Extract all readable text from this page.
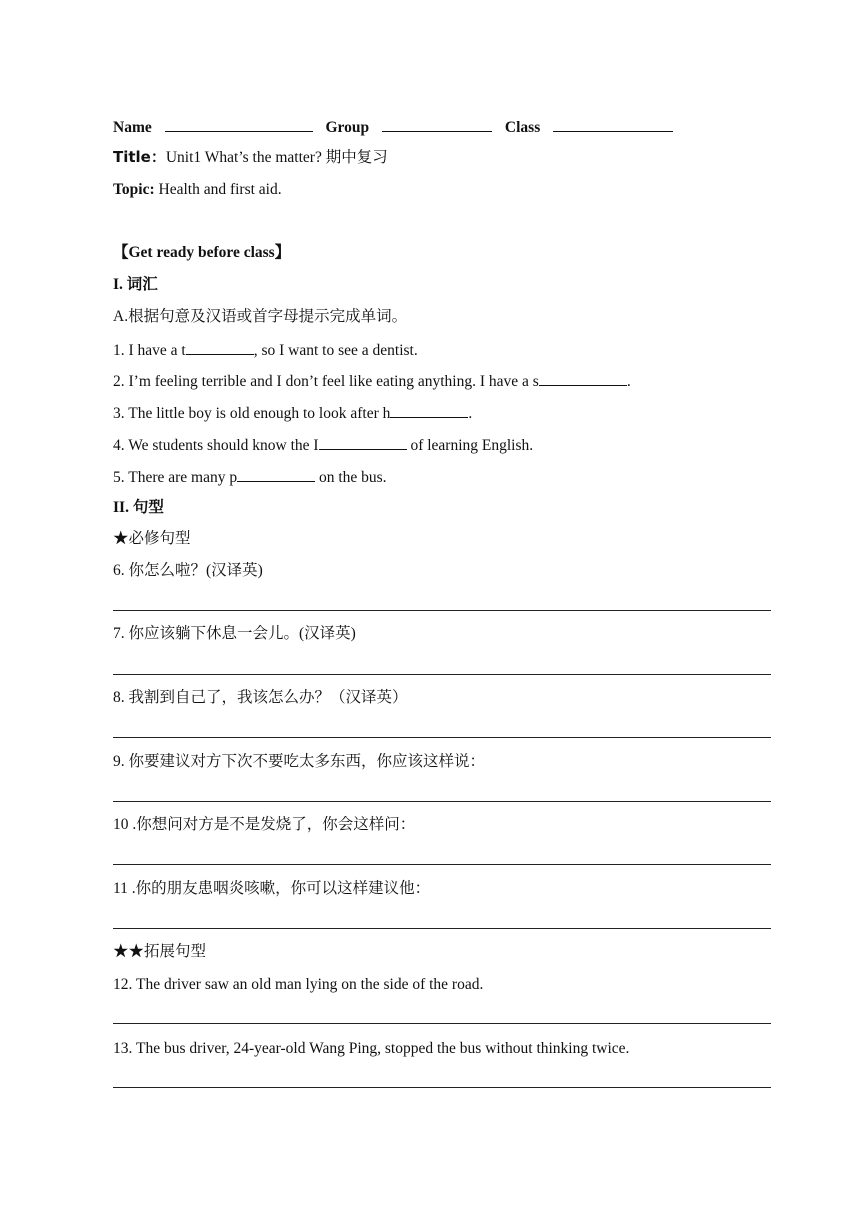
Name	Group	Class
Title：Unit1 What’s the matter? 期中复习
Topic: Health and first aid.
【Get ready before class】
I. 词汇
A.根据句意及汉语或首字母提示完成单词。
1. I have a t	, so I want to see a dentist.
2. I’m feeling terrible and I don’t feel like eating anything. I have a s	.
3. The little boy is old enough to look after h	.
4. We students should know the I	of learning English.
5. There are many p	on the bus.
II. 句型
★必修句型
6. 你怎么啦？(汉译英)
7. 你应该躺下休息一会儿。(汉译英)
8. 我割到自己了，我该怎么办？（汉译英）
9. 你要建议对方下次不要吃太多东西，你应该这样说：
10 .你想问对方是不是发烧了，你会这样问：
11 .你的朋友患咽炎咳嗽，你可以这样建议他：
★★拓展句型
12. The driver saw an old man lying on the side of the road.
13. The bus driver, 24-year-old Wang Ping, stopped the bus without thinking twice.
